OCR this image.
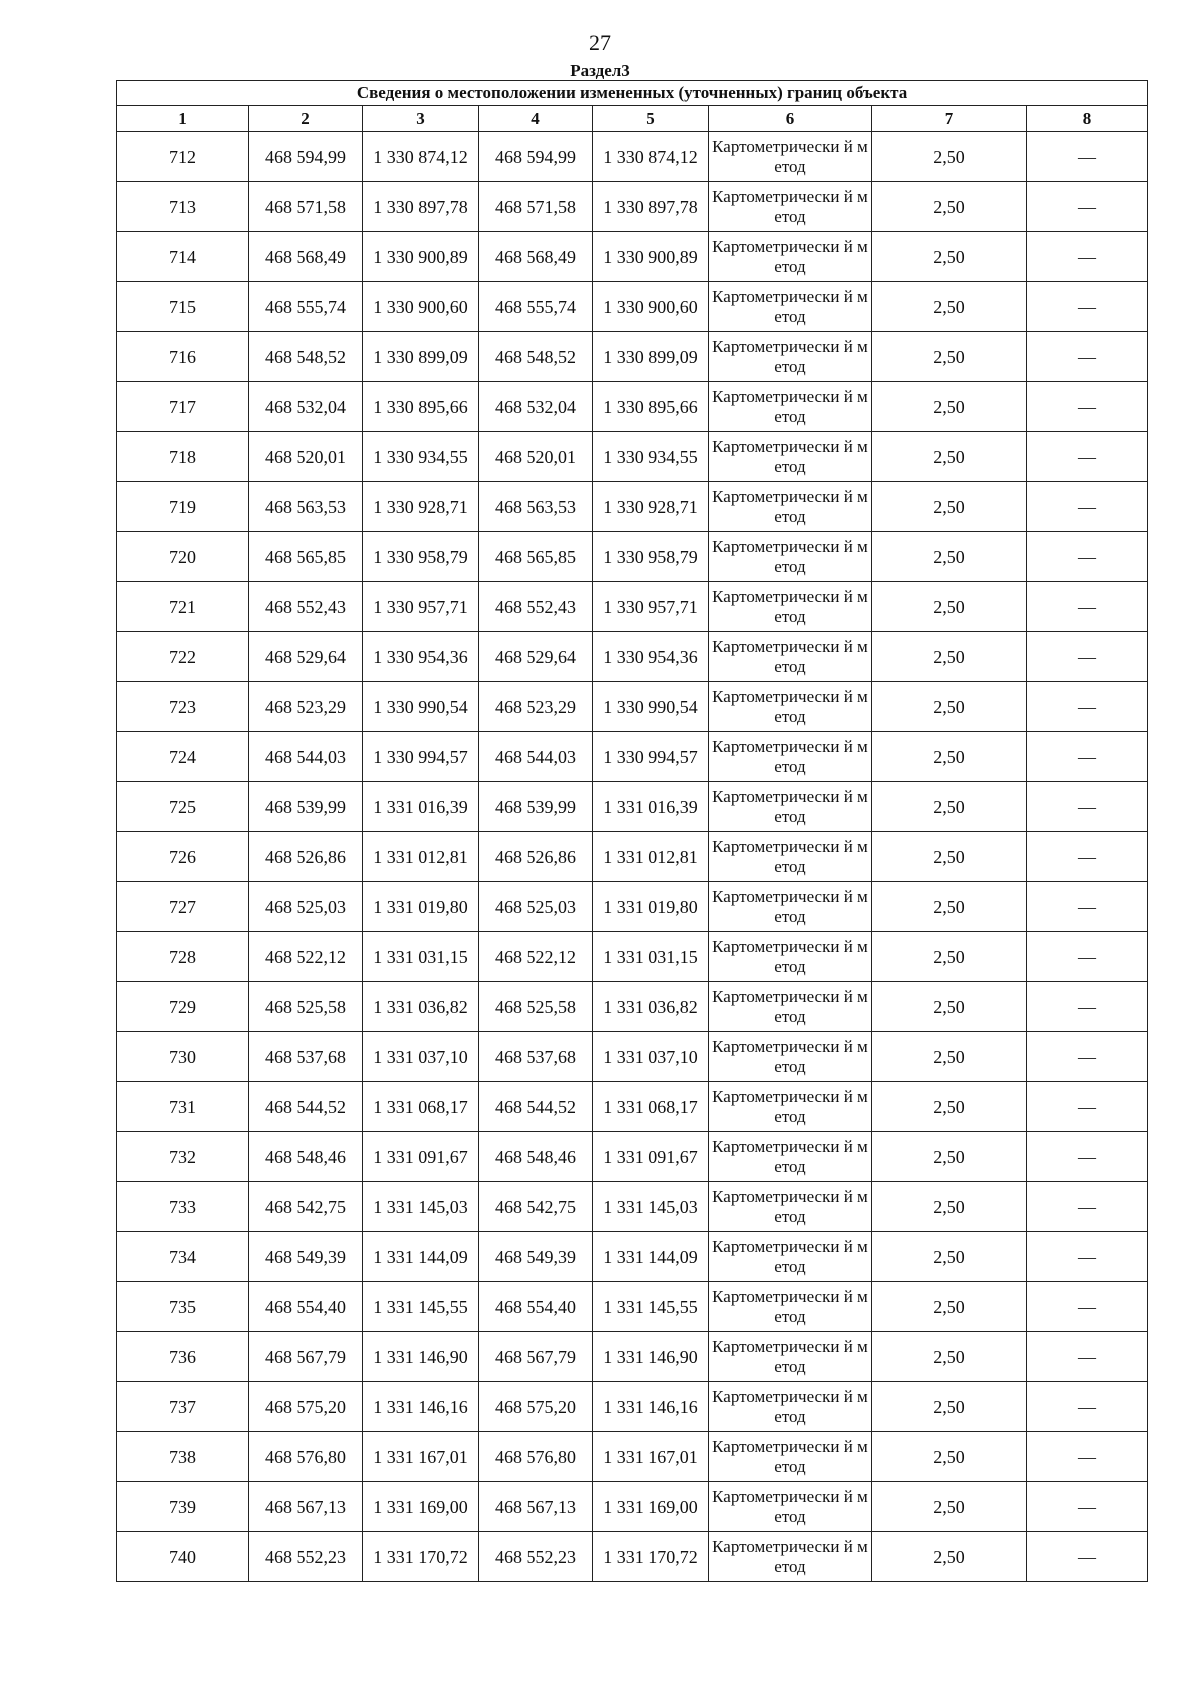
27
Раздел3
Сведения о местоположении измененных (уточненных) границ объекта							
1	2	3	4	5	6	7	8
712	468 594,99	1 330 874,12	468 594,99	1 330 874,12	Картометрически й метод	2,50	—
713	468 571,58	1 330 897,78	468 571,58	1 330 897,78	Картометрически й метод	2,50	—
714	468 568,49	1 330 900,89	468 568,49	1 330 900,89	Картометрически й метод	2,50	—
715	468 555,74	1 330 900,60	468 555,74	1 330 900,60	Картометрически й метод	2,50	—
716	468 548,52	1 330 899,09	468 548,52	1 330 899,09	Картометрически й метод	2,50	—
717	468 532,04	1 330 895,66	468 532,04	1 330 895,66	Картометрически й метод	2,50	—
718	468 520,01	1 330 934,55	468 520,01	1 330 934,55	Картометрически й метод	2,50	—
719	468 563,53	1 330 928,71	468 563,53	1 330 928,71	Картометрически й метод	2,50	—
720	468 565,85	1 330 958,79	468 565,85	1 330 958,79	Картометрически й метод	2,50	—
721	468 552,43	1 330 957,71	468 552,43	1 330 957,71	Картометрически й метод	2,50	—
722	468 529,64	1 330 954,36	468 529,64	1 330 954,36	Картометрически й метод	2,50	—
723	468 523,29	1 330 990,54	468 523,29	1 330 990,54	Картометрически й метод	2,50	—
724	468 544,03	1 330 994,57	468 544,03	1 330 994,57	Картометрически й метод	2,50	—
725	468 539,99	1 331 016,39	468 539,99	1 331 016,39	Картометрически й метод	2,50	—
726	468 526,86	1 331 012,81	468 526,86	1 331 012,81	Картометрически й метод	2,50	—
727	468 525,03	1 331 019,80	468 525,03	1 331 019,80	Картометрически й метод	2,50	—
728	468 522,12	1 331 031,15	468 522,12	1 331 031,15	Картометрически й метод	2,50	—
729	468 525,58	1 331 036,82	468 525,58	1 331 036,82	Картометрически й метод	2,50	—
730	468 537,68	1 331 037,10	468 537,68	1 331 037,10	Картометрически й метод	2,50	—
731	468 544,52	1 331 068,17	468 544,52	1 331 068,17	Картометрически й метод	2,50	—
732	468 548,46	1 331 091,67	468 548,46	1 331 091,67	Картометрически й метод	2,50	—
733	468 542,75	1 331 145,03	468 542,75	1 331 145,03	Картометрически й метод	2,50	—
734	468 549,39	1 331 144,09	468 549,39	1 331 144,09	Картометрически й метод	2,50	—
735	468 554,40	1 331 145,55	468 554,40	1 331 145,55	Картометрически й метод	2,50	—
736	468 567,79	1 331 146,90	468 567,79	1 331 146,90	Картометрически й метод	2,50	—
737	468 575,20	1 331 146,16	468 575,20	1 331 146,16	Картометрически й метод	2,50	—
738	468 576,80	1 331 167,01	468 576,80	1 331 167,01	Картометрически й метод	2,50	—
739	468 567,13	1 331 169,00	468 567,13	1 331 169,00	Картометрически й метод	2,50	—
740	468 552,23	1 331 170,72	468 552,23	1 331 170,72	Картометрически й метод	2,50	—
